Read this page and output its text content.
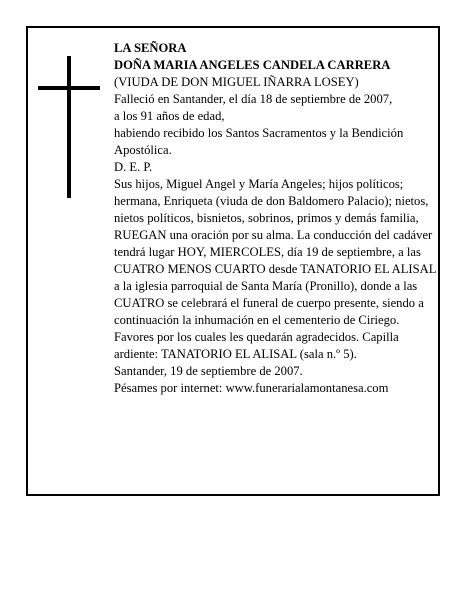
LA SEÑORA

DOÑA MARIA ANGELES CANDELA CARRERA

(VIUDA DE DON MIGUEL IÑARRA LOSEY)

Falleció en Santander, el día 18 de septiembre de 2007,

a los 91 años de edad,

habiendo recibido los Santos Sacramentos y la Bendición Apostólica.

D. E. P.

Sus hijos, Miguel Angel y María Angeles; hijos políticos; hermana, Enriqueta (viuda de don Baldomero Palacio); nietos, nietos políticos, bisnietos, sobrinos, primos y demás familia,

RUEGAN una oración por su alma. La conducción del cadáver tendrá lugar HOY, MIERCOLES, día 19 de septiembre, a las CUATRO MENOS CUARTO desde TANATORIO EL ALISAL a la iglesia parroquial de Santa María (Pronillo), donde a las CUATRO se celebrará el funeral de cuerpo presente, siendo a continuación la inhumación en el cementerio de Ciriego. Favores por los cuales les quedarán agradecidos. Capilla ardiente: TANATORIO EL ALISAL (sala n.º 5).

Santander, 19 de septiembre de 2007.

Pésames por internet: www.funerarialamontanesa.com
